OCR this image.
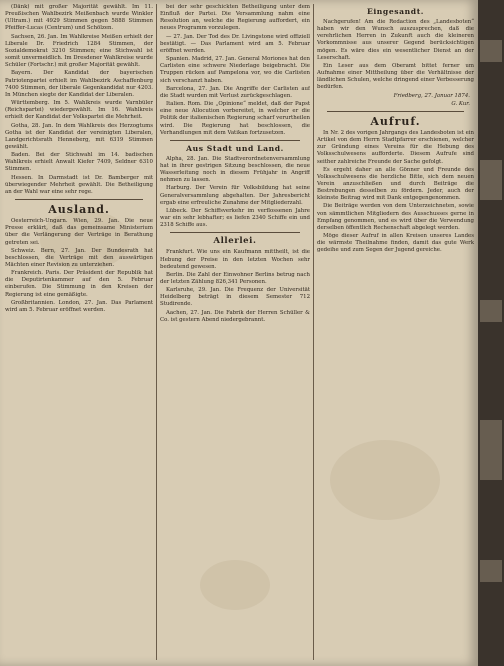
(Dänk) mit großer Majorität gewählt. Im 11. Preußischen Wahlbezirk Meißenbach wurde Winkler (Ultram.) mit 4929 Stimmen gegen 5888 Stimmen Pfeiffer-Lucas (Centrum) und Schölzen.

Sachsen, 26. Jan. Im Wahlkreise Meißen erhielt der Liberale Dr. Friedrich 1284 Stimmen, der Sozialdemokrat 3210 Stimmen; eine Stichwahl ist somit unvermeidlich. Im Dresdener Wahlkreise wurde Schüler (Fortschr.) mit großer Majorität gewählt.

Bayern. Der Kandidat der bayerischen Patriotenpartei erhielt im Wahlbezirk Aschaffenburg 7400 Stimmen, der liberale Gegenkandidat nur 4203. In München siegte der Kandidat der Liberalen.

Württemberg. Im 5. Wahlkreis wurde Varnbüler (Reichspartei) wiedergewählt. Im 16. Wahlkreis erhielt der Kandidat der Volkspartei die Mehrheit.

Gotha, 28. Jan. In dem Wahlkreis des Herzogtums Gotha ist der Kandidat der vereinigten Liberalen, Landgerichtsrath Henneberg, mit 6319 Stimmen gewählt.

Baden. Bei der Stichwahl im 14. badischen Wahlkreis erhielt Anwalt Kiefer 7409, Seldner 6310 Stimmen.

Hessen. In Darmstadt ist Dr. Bamberger mit überwiegender Mehrheit gewählt. Die Betheiligung an der Wahl war eine sehr rege.

Ausland.

Oesterreich-Ungarn. Wien, 29. Jan. Die neue Presse erklärt, daß das gemeinsame Ministerium über die Verlängerung der Verträge in Berathung getreten sei.

Schweiz. Bern, 27. Jan. Der Bundesrath hat beschlossen, die Verträge mit den auswärtigen Mächten einer Revision zu unterziehen.

Frankreich. Paris. Der Präsident der Republik hat die Deputirtenkammer auf den 5. Februar einberufen. Die Stimmung in den Kreisen der Regierung ist eine gemäßigte.

Großbritannien. London, 27. Jan. Das Parlament wird am 5. Februar eröffnet werden.

bei der sehr geschickten Betheiligung unter dem Einfluß der Partei. Die Versammlung nahm eine Resolution an, welche die Regierung auffordert, ein neues Programm vorzulegen.

— 27. Jan. Der Tod des Dr. Livingstone wird offiziell bestätigt. — Das Parlament wird am 5. Februar eröffnet werden.

Spanien. Madrid, 27. Jan. General Moriones hat den Carlisten eine schwere Niederlage beigebracht. Die Truppen rücken auf Pampelona vor, wo die Carlisten sich verschanzt haben.

Barcelona, 27. Jan. Die Angriffe der Carlisten auf die Stadt wurden mit Verlust zurückgeschlagen.

Italien. Rom. Die „Opinione“ meldet, daß der Papst eine neue Allocution vorbereitet, in welcher er die Politik der italienischen Regierung scharf verurtheilen wird. Die Regierung hat beschlossen, die Verhandlungen mit dem Vatikan fortzusetzen.

Aus Stadt und Land.

Alpha, 28. Jan. Die Stadtverordnetenversammlung hat in ihrer gestrigen Sitzung beschlossen, die neue Wasserleitung noch in diesem Frühjahr in Angriff nehmen zu lassen.

Harburg. Der Verein für Volksbildung hat seine Generalversammlung abgehalten. Der Jahresbericht ergab eine erfreuliche Zunahme der Mitgliederzahl.

Lübeck. Der Schiffsverkehr im verflossenen Jahre war ein sehr lebhafter; es liefen 2340 Schiffe ein und 2318 Schiffe aus.

Allerlei.

Frankfurt. Wie uns ein Kaufmann mittheilt, ist die Hebung der Preise in den letzten Wochen sehr bedeutend gewesen.

Berlin. Die Zahl der Einwohner Berlins betrug nach der letzten Zählung 826,341 Personen.

Karlsruhe, 29. Jan. Die Frequenz der Universität Heidelberg beträgt in diesem Semester 712 Studirende.

Aachen, 27. Jan. Die Fabrik der Herren Schüller & Co. ist gestern Abend niedergebrannt.

Eingesandt.

Nachgerufen! Am die Redaction des „Landesboten“ haben wir den Wunsch auszusprechen, daß die verehrlichen Herren in Zukunft auch die kleineren Vorkommnisse aus unserer Gegend berücksichtigen mögen. Es wäre dies ein wesentlicher Dienst an der Leserschaft.

Ein Leser aus dem Oberamt bittet ferner um Aufnahme einer Mittheilung über die Verhältnisse der ländlichen Schulen, welche dringend einer Verbesserung bedürfen.

Friedberg, 27. Januar 1874.
G. Kur.
Aufruf.

In Nr. 2 des vorigen Jahrgangs des Landesboten ist ein Artikel von dem Herrn Stadtpfarrer erschienen, welcher zur Gründung eines Vereins für die Hebung des Volksschulwesens aufforderte. Diesem Aufrufe sind seither zahlreiche Freunde der Sache gefolgt.

Es ergeht daher an alle Gönner und Freunde des Volksschulwesens die herzliche Bitte, sich dem neuen Verein anzuschließen und durch Beiträge die Bestrebungen desselben zu fördern. Jeder, auch der kleinste Beitrag wird mit Dank entgegengenommen.

Die Beiträge werden von dem Unterzeichneten, sowie von sämmtlichen Mitgliedern des Ausschusses gerne in Empfang genommen, und es wird über die Verwendung derselben öffentlich Rechenschaft abgelegt werden.

Möge dieser Aufruf in allen Kreisen unseres Landes die wärmste Theilnahme finden, damit das gute Werk gedeihe und zum Segen der Jugend gereiche.
